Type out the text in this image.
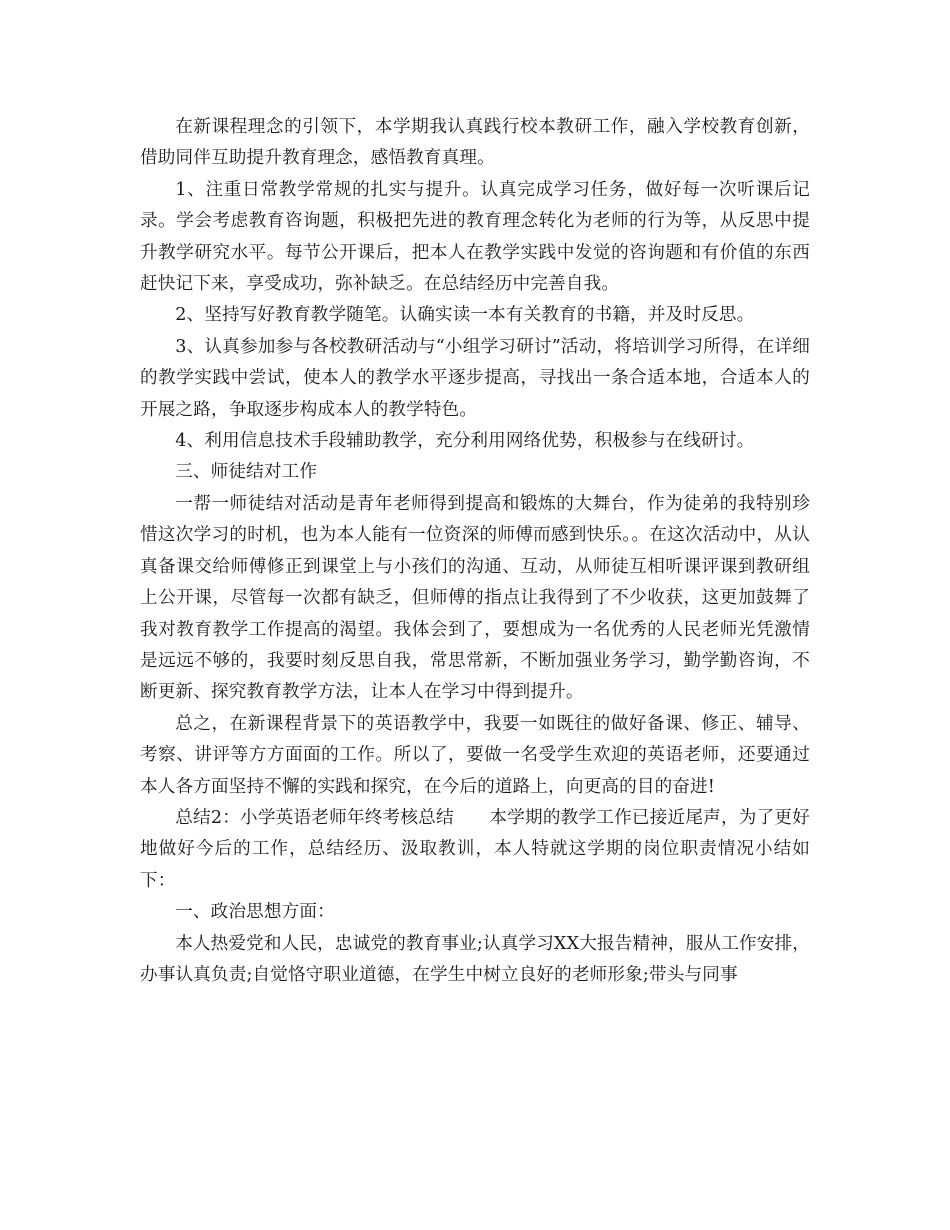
在新课程理念的引领下，本学期我认真践行校本教研工作，融入学校教育创新，借助同伴互助提升教育理念，感悟教育真理。

1、注重日常教学常规的扎实与提升。认真完成学习任务，做好每一次听课后记录。学会考虑教育咨询题，积极把先进的教育理念转化为老师的行为等，从反思中提升教学研究水平。每节公开课后，把本人在教学实践中发觉的咨询题和有价值的东西赶快记下来，享受成功，弥补缺乏。在总结经历中完善自我。

2、坚持写好教育教学随笔。认确实读一本有关教育的书籍，并及时反思。

3、认真参加参与各校教研活动与“小组学习研讨”活动，将培训学习所得，在详细的教学实践中尝试，使本人的教学水平逐步提高，寻找出一条合适本地，合适本人的开展之路，争取逐步构成本人的教学特色。

4、利用信息技术手段辅助教学，充分利用网络优势，积极参与在线研讨。

三、师徒结对工作

一帮一师徒结对活动是青年老师得到提高和锻炼的大舞台，作为徒弟的我特别珍惜这次学习的时机，也为本人能有一位资深的师傅而感到快乐。。在这次活动中，从认真备课交给师傅修正到课堂上与小孩们的沟通、互动，从师徒互相听课评课到教研组上公开课，尽管每一次都有缺乏，但师傅的指点让我得到了不少收获，这更加鼓舞了我对教育教学工作提高的渴望。我体会到了，要想成为一名优秀的人民老师光凭激情是远远不够的，我要时刻反思自我，常思常新，不断加强业务学习，勤学勤咨询，不断更新、探究教育教学方法，让本人在学习中得到提升。

总之，在新课程背景下的英语教学中，我要一如既往的做好备课、修正、辅导、考察、讲评等方方面面的工作。所以了，要做一名受学生欢迎的英语老师，还要通过本人各方面坚持不懈的实践和探究，在今后的道路上，向更高的目的奋进!

总结2：小学英语老师年终考核总结　　本学期的教学工作已接近尾声，为了更好地做好今后的工作，总结经历、汲取教训，本人特就这学期的岗位职责情况小结如下：

一、政治思想方面：

本人热爱党和人民，忠诚党的教育事业;认真学习XX大报告精神，服从工作安排，办事认真负责;自觉恪守职业道德，在学生中树立良好的老师形象;带头与同事
